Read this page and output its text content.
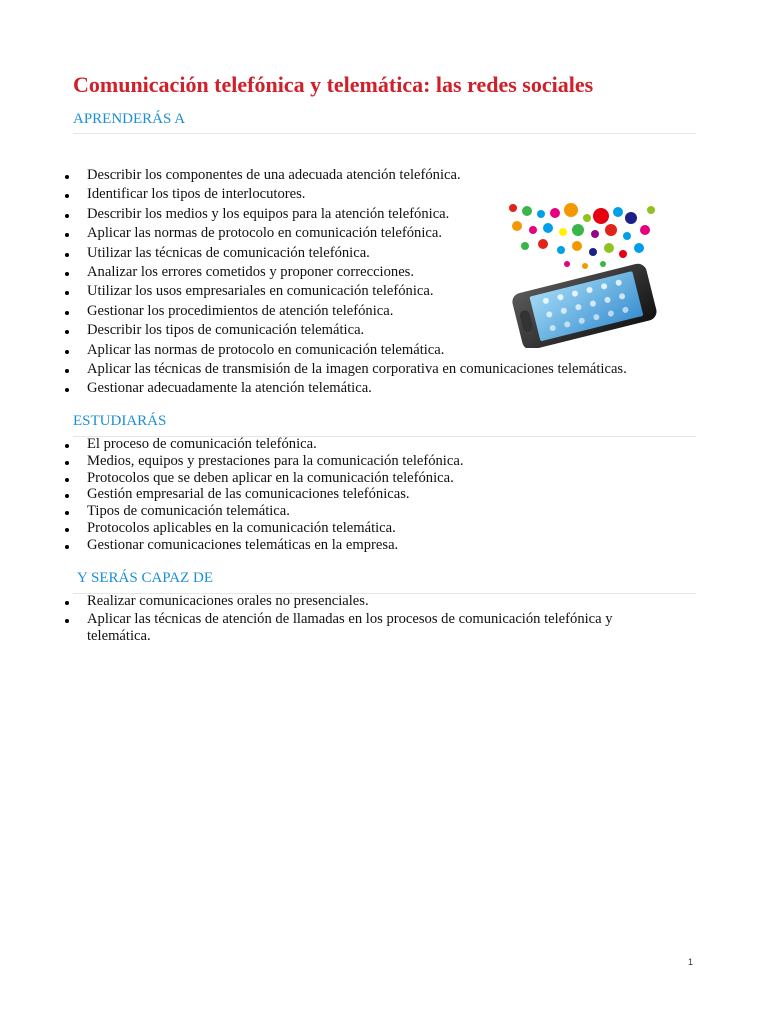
Comunicación telefónica y telemática: las redes sociales
APRENDERÁS A
Describir los componentes de una adecuada atención telefónica.
Identificar los tipos de interlocutores.
Describir los medios y los equipos para la atención telefónica.
Aplicar las normas de protocolo en comunicación telefónica.
Utilizar las técnicas de comunicación telefónica.
Analizar los errores cometidos y proponer correcciones.
Utilizar los usos empresariales en comunicación telefónica.
Gestionar los procedimientos de atención telefónica.
Describir los tipos de comunicación telemática.
Aplicar las normas de protocolo en comunicación telemática.
Aplicar las técnicas de transmisión de la imagen corporativa en comunicaciones telemáticas.
Gestionar adecuadamente la atención telemática.
ESTUDIARÁS
El proceso de comunicación telefónica.
Medios, equipos y prestaciones para la comunicación telefónica.
Protocolos que se deben aplicar en la comunicación telefónica.
Gestión empresarial de las comunicaciones telefónicas.
Tipos de comunicación telemática.
Protocolos aplicables en la comunicación telemática.
Gestionar comunicaciones telemáticas en la empresa.
Y SERÁS CAPAZ DE
Realizar comunicaciones orales no presenciales.
Aplicar las técnicas de atención de llamadas en los procesos de comunicación telefónica y telemática.
1
